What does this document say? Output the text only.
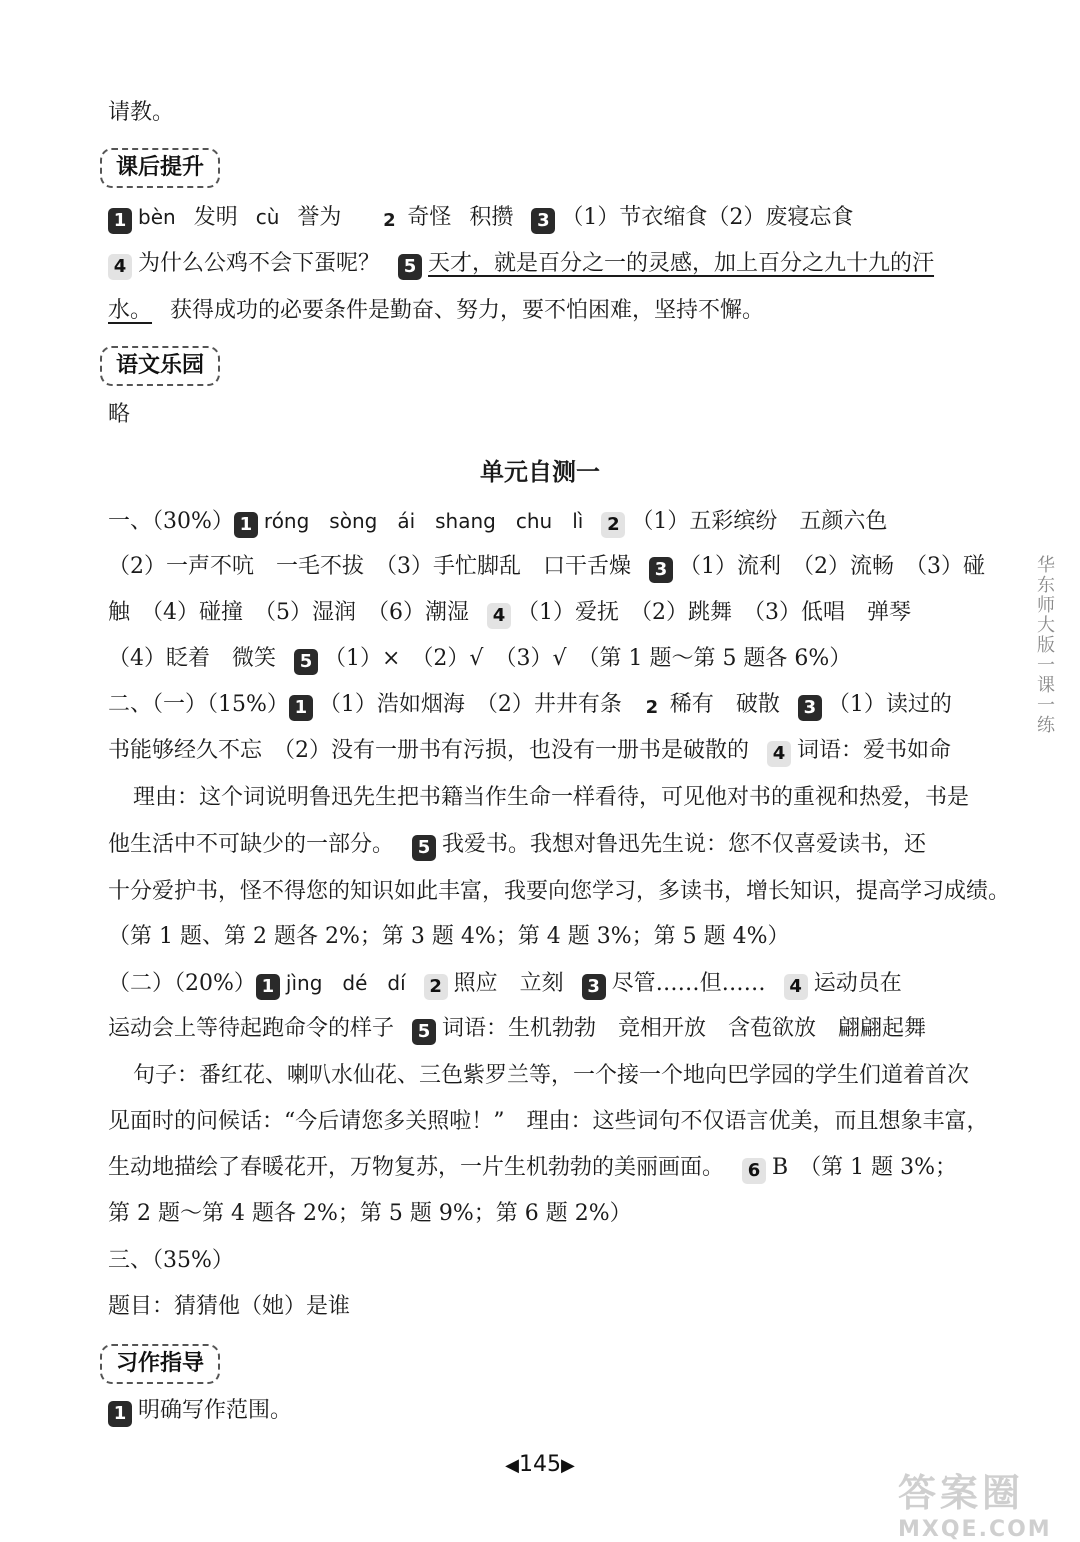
请教。
课后提升
1 bèn 发明 cù 誉为 2 奇怪 积攒 3 （1）节衣缩食（2）废寝忘食
4 为什么公鸡不会下蛋呢？ 5 天才，就是百分之一的灵感，加上百分之九十九的汗
水。 获得成功的必要条件是勤奋、努力，要不怕困难，坚持不懈。
语文乐园
略
单元自测一
一、（30%） 1 róng　sòng　ái　shang　chu　lì 2 （1）五彩缤纷　五颜六色
（2）一声不吭　一毛不拔　（3）手忙脚乱　口干舌燥 3 （1）流利　（2）流畅　（3）碰
触　（4）碰撞　（5）湿润　（6）潮湿 4 （1）爱抚　（2）跳舞　（3）低唱　弹琴
（4）眨着　微笑 5 （1）×　（2）√　（3）√　（第 1 题～第 5 题各 6%）
二、（一）（15%） 1 （1）浩如烟海　（2）井井有条 2 稀有　破散 3 （1）读过的
书能够经久不忘　（2）没有一册书有污损，也没有一册书是破散的 4 词语：爱书如命
理由：这个词说明鲁迅先生把书籍当作生命一样看待，可见他对书的重视和热爱，书是
他生活中不可缺少的一部分。 5 我爱书。我想对鲁迅先生说：您不仅喜爱读书，还
十分爱护书，怪不得您的知识如此丰富，我要向您学习，多读书，增长知识，提高学习成绩。
（第 1 题、第 2 题各 2%；第 3 题 4%；第 4 题 3%；第 5 题 4%）
（二）（20%） 1 jìng　dé　dí 2 照应　立刻 3 尽管……但…… 4 运动员在
运动会上等待起跑命令的样子 5 词语：生机勃勃　竞相开放　含苞欲放　翩翩起舞
句子：番红花、喇叭水仙花、三色紫罗兰等，一个接一个地向巴学园的学生们道着首次
见面时的问候话：“今后请您多关照啦！”　理由：这些词句不仅语言优美，而且想象丰富，
生动地描绘了春暖花开，万物复苏，一片生机勃勃的美丽画面。 6 B　（第 1 题 3%；
第 2 题～第 4 题各 2%；第 5 题 9%；第 6 题 2%）
三、（35%）
题目：猜猜他（她）是谁
习作指导
1 明确写作范围。
华东师大版一课一练
◀145▶
答案圈
MXQE.COM
